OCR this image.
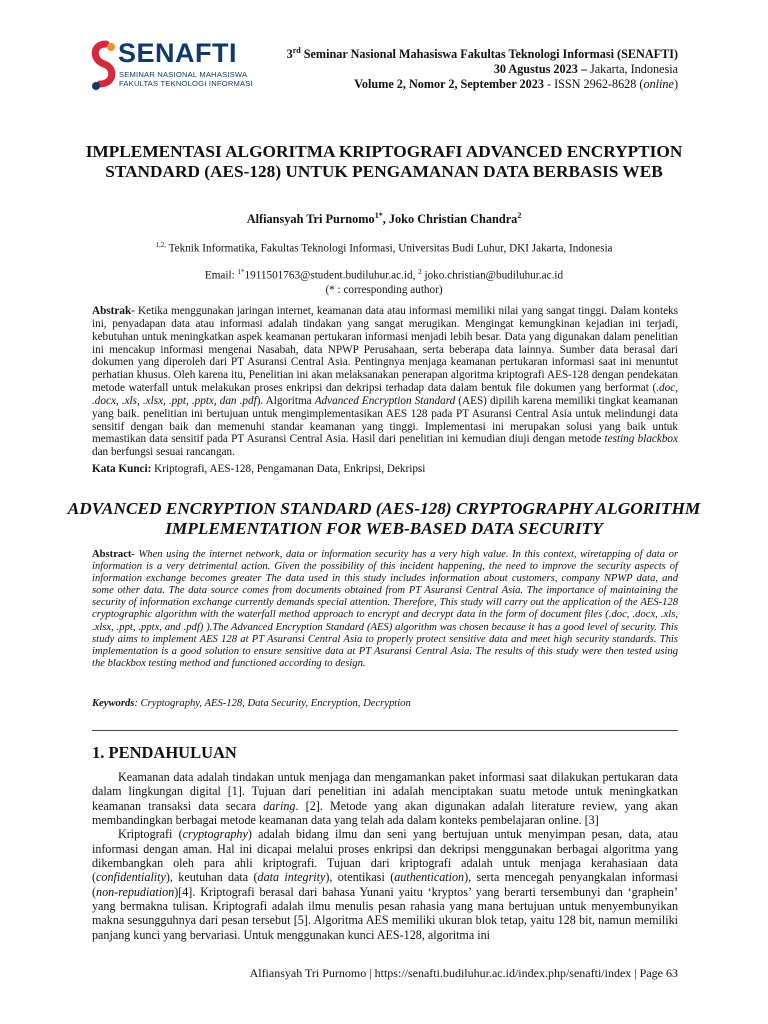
SENAFTI
SEMINAR NASIONAL MAHASISWA
FAKULTAS TEKNOLOGI INFORMASI
3rd Seminar Nasional Mahasiswa Fakultas Teknologi Informasi (SENAFTI)
30 Agustus 2023 – Jakarta, Indonesia
Volume 2, Nomor 2, September 2023 - ISSN 2962-8628 (online)
IMPLEMENTASI ALGORITMA KRIPTOGRAFI ADVANCED ENCRYPTION STANDARD (AES-128) UNTUK PENGAMANAN DATA BERBASIS WEB
Alfiansyah Tri Purnomo$^{1*}$, Joko Christian Chandra$^2$
$^{1,2,}$ Teknik Informatika, Fakultas Teknologi Informasi, Universitas Budi Luhur, DKI Jakarta, Indonesia
Email: $^{1*}$1911501763@student.budiluhur.ac.id, $^2$ joko.christian@budiluhur.ac.id
(* : corresponding author)
Abstrak- Ketika menggunakan jaringan internet, keamanan data atau informasi memiliki nilai yang sangat tinggi. Dalam konteks ini, penyadapan data atau informasi adalah tindakan yang sangat merugikan. Mengingat kemungkinan kejadian ini terjadi, kebutuhan untuk meningkatkan aspek keamanan pertukaran informasi menjadi lebih besar. Data yang digunakan dalam penelitian ini mencakup informasi mengenai Nasabah, data NPWP Perusahaan, serta beberapa data lainnya. Sumber data berasal dari dokumen yang diperoleh dari PT Asuransi Central Asia. Pentingnya menjaga keamanan pertukaran informasi saat ini menuntut perhatian khusus. Oleh karena itu, Penelitian ini akan melaksanakan penerapan algoritma kriptografi AES-128 dengan pendekatan metode waterfall untuk melakukan proses enkripsi dan dekripsi terhadap data dalam bentuk file dokumen yang berformat (.doc, .docx, .xls, .xlsx, .ppt, .pptx, dan .pdf). Algoritma Advanced Encryption Standard (AES) dipilih karena memiliki tingkat keamanan yang baik. penelitian ini bertujuan untuk mengimplementasikan AES 128 pada PT Asuransi Central Asia untuk melindungi data sensitif dengan baik dan memenuhi standar keamanan yang tinggi. Implementasi ini merupakan solusi yang baik untuk memastikan data sensitif pada PT Asuransi Central Asia. Hasil dari penelitian ini kemudian diuji dengan metode testing blackbox dan berfungsi sesuai rancangan.
Kata Kunci: Kriptografi, AES-128, Pengamanan Data, Enkripsi, Dekripsi
ADVANCED ENCRYPTION STANDARD (AES-128) CRYPTOGRAPHY ALGORITHM IMPLEMENTATION FOR WEB-BASED DATA SECURITY
Abstract- When using the internet network, data or information security has a very high value. In this context, wiretapping of data or information is a very detrimental action. Given the possibility of this incident happening, the need to improve the security aspects of information exchange becomes greater The data used in this study includes information about customers, company NPWP data, and some other data. The data source comes from documents obtained from PT Asuransi Central Asia. The importance of maintaining the security of information exchange currently demands special attention. Therefore, This study will carry out the application of the AES-128 cryptographic algorithm with the waterfall method approach to encrypt and decrypt data in the form of document files (.doc, .docx, .xls, .xlsx, .ppt, .pptx, and .pdf) ).The Advanced Encryption Standard (AES) algorithm was chosen because it has a good level of security. This study aims to implement AES 128 at PT Asuransi Central Asia to properly protect sensitive data and meet high security standards. This implementation is a good solution to ensure sensitive data at PT Asuransi Central Asia. The results of this study were then tested using the blackbox testing method and functioned according to design.
Keywords: Cryptography, AES-128, Data Security, Encryption, Decryption
1. PENDAHULUAN

Keamanan data adalah tindakan untuk menjaga dan mengamankan paket informasi saat dilakukan pertukaran data dalam lingkungan digital [1]. Tujuan dari penelitian ini adalah menciptakan suatu metode untuk meningkatkan keamanan transaksi data secara daring. [2]. Metode yang akan digunakan adalah literature review, yang akan membandingkan berbagai metode keamanan data yang telah ada dalam konteks pembelajaran online. [3]

Kriptografi (cryptography) adalah bidang ilmu dan seni yang bertujuan untuk menyimpan pesan, data, atau informasi dengan aman. Hal ini dicapai melalui proses enkripsi dan dekripsi menggunakan berbagai algoritma yang dikembangkan oleh para ahli kriptografi. Tujuan dari kriptografi adalah untuk menjaga kerahasiaan data (confidentiality), keutuhan data (data integrity), otentikasi (authentication), serta mencegah penyangkalan informasi (non-repudiation)[4]. Kriptografi berasal dari bahasa Yunani yaitu ‘kryptos’ yang berarti tersembunyi dan ‘graphein’ yang bermakna tulisan. Kriptografi adalah ilmu menulis pesan rahasia yang mana bertujuan untuk menyembunyikan makna sesungguhnya dari pesan tersebut [5]. Algoritma AES memiliki ukuran blok tetap, yaitu 128 bit, namun memiliki panjang kunci yang bervariasi. Untuk menggunakan kunci AES-128, algoritma ini

Alfiansyah Tri Purnomo | https://senafti.budiluhur.ac.id/index.php/senafti/index | Page 63
